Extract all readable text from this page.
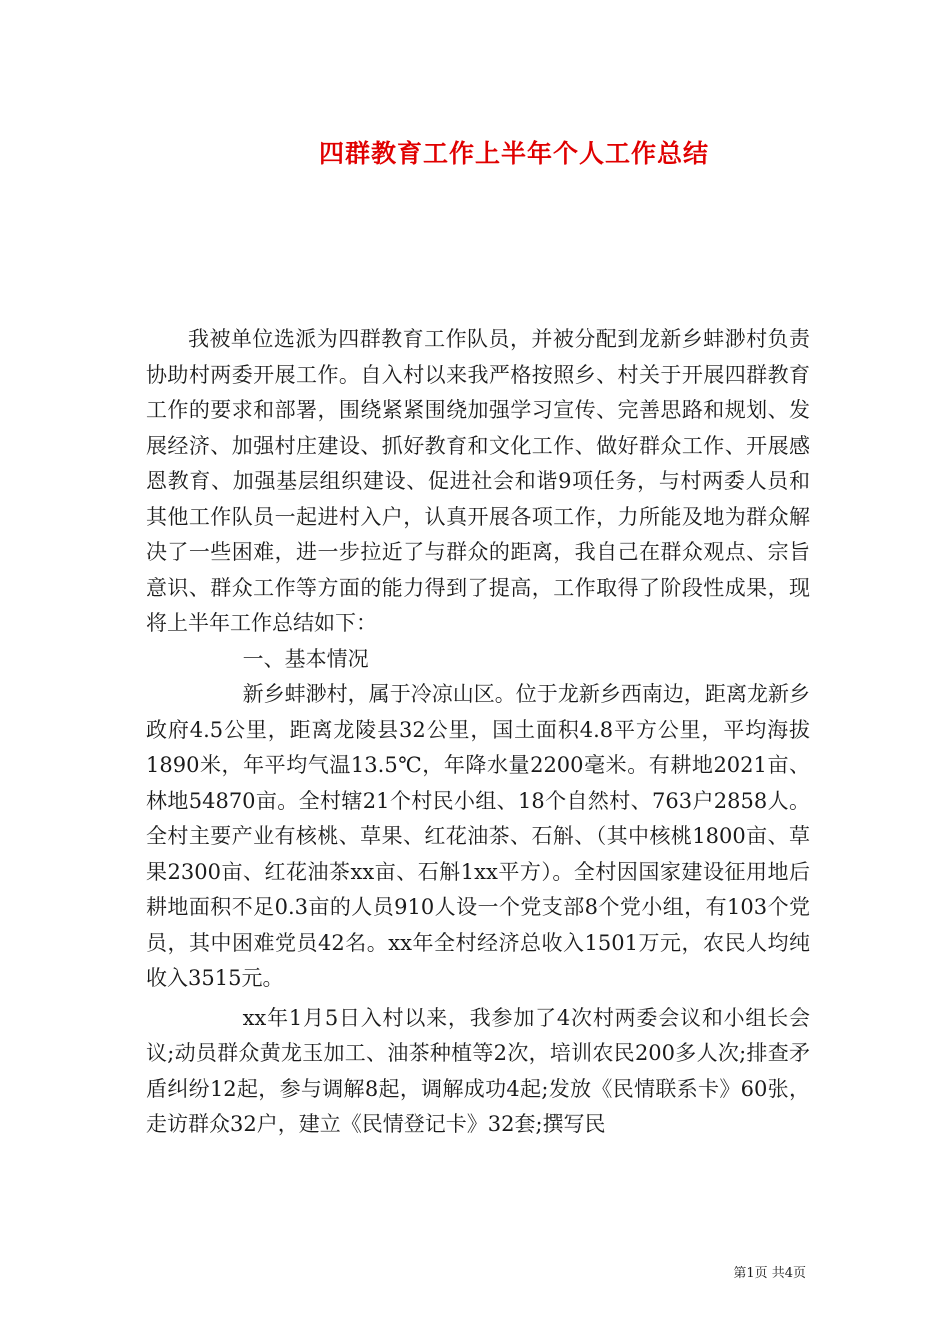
四群教育工作上半年个人工作总结

我被单位选派为四群教育工作队员，并被分配到龙新乡蚌渺村负责协助村两委开展工作。自入村以来我严格按照乡、村关于开展四群教育工作的要求和部署，围绕紧紧围绕加强学习宣传、完善思路和规划、发展经济、加强村庄建设、抓好教育和文化工作、做好群众工作、开展感恩教育、加强基层组织建设、促进社会和谐9项任务，与村两委人员和其他工作队员一起进村入户，认真开展各项工作，力所能及地为群众解决了一些困难，进一步拉近了与群众的距离，我自己在群众观点、宗旨意识、群众工作等方面的能力得到了提高，工作取得了阶段性成果，现将上半年工作总结如下：

一、基本情况

新乡蚌渺村，属于冷凉山区。位于龙新乡西南边，距离龙新乡政府4.5公里，距离龙陵县32公里，国土面积4.8平方公里，平均海拔1890米，年平均气温13.5℃，年降水量2200毫米。有耕地2021亩、林地54870亩。全村辖21个村民小组、18个自然村、763户2858人。全村主要产业有核桃、草果、红花油茶、石斛、（其中核桃1800亩、草果2300亩、红花油茶xx亩、石斛1xx平方）。全村因国家建设征用地后耕地面积不足0.3亩的人员910人设一个党支部8个党小组，有103个党员，其中困难党员42名。xx年全村经济总收入1501万元，农民人均纯收入3515元。

xx年1月5日入村以来，我参加了4次村两委会议和小组长会议;动员群众黄龙玉加工、油茶种植等2次，培训农民200多人次;排查矛盾纠纷12起，参与调解8起，调解成功4起;发放《民情联系卡》60张，走访群众32户，建立《民情登记卡》32套;撰写民

第1页 共4页
